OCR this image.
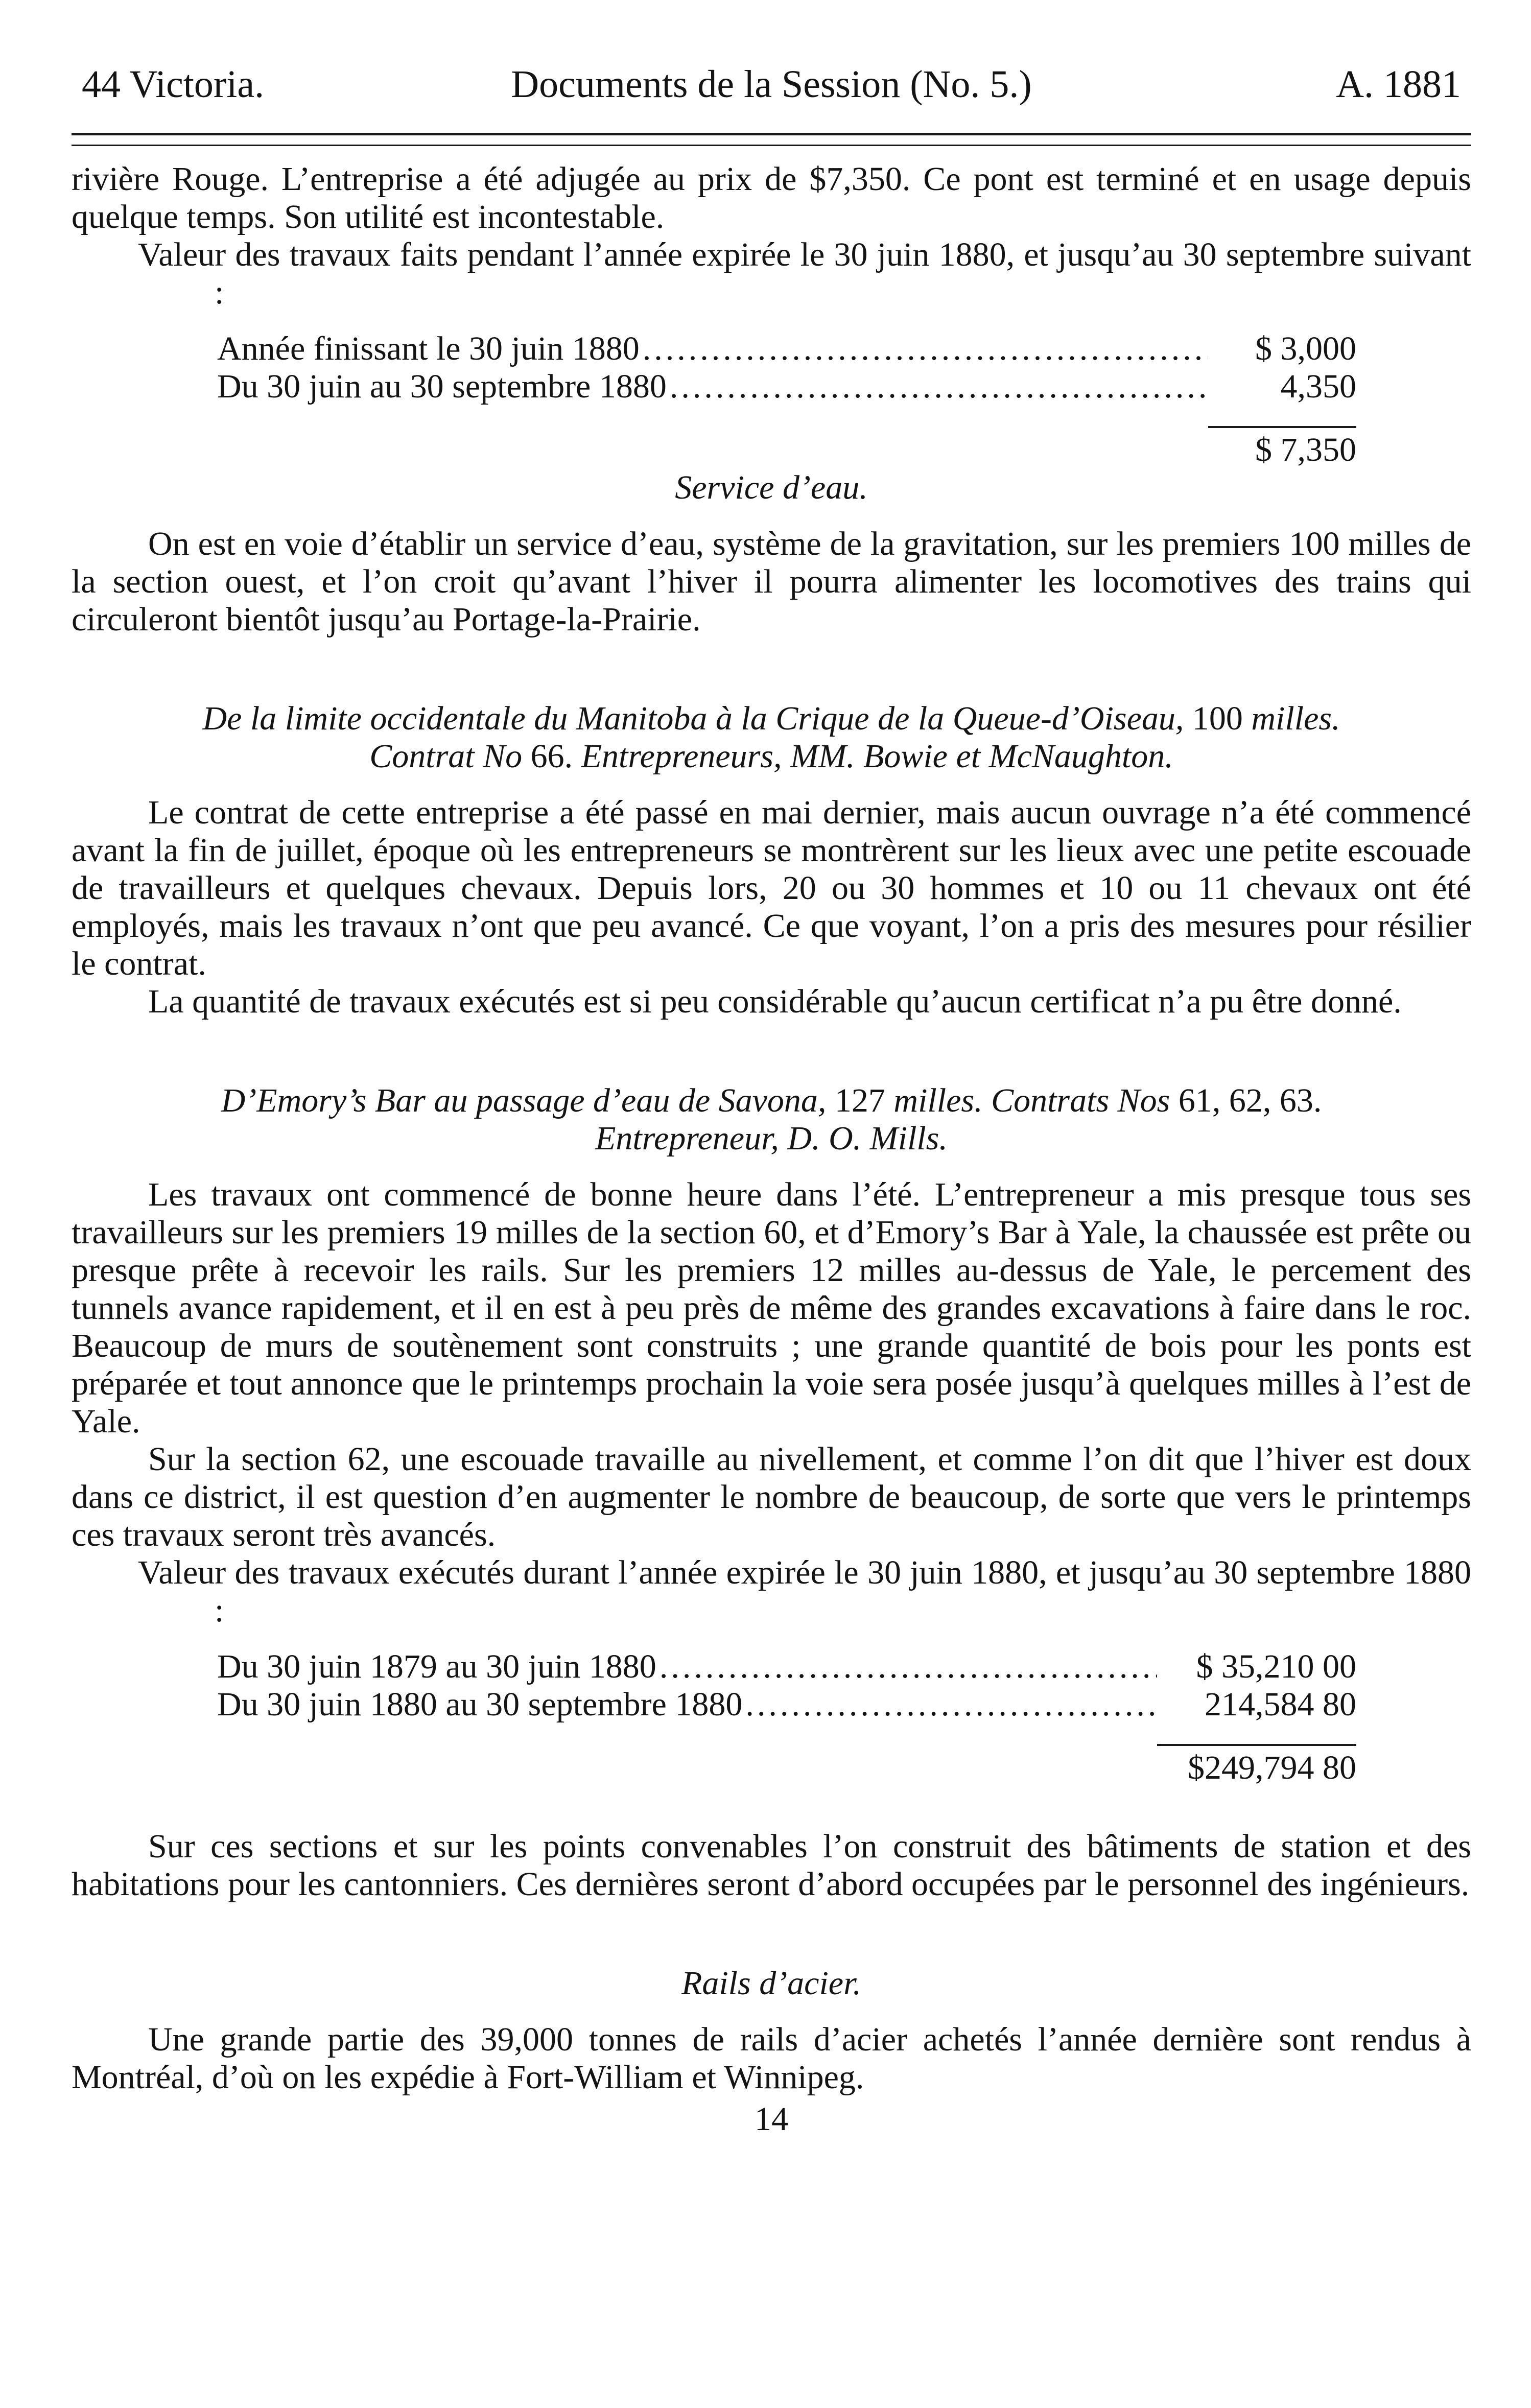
44 Victoria.	Documents de la Session (No. 5.)	A. 1881

rivière Rouge. L’entreprise a été adjugée au prix de $7,350. Ce pont est terminé et en usage depuis quelque temps. Son utilité est incontestable.

Valeur des travaux faits pendant l’année expirée le 30 juin 1880, et jusqu’au 30 septembre suivant :

Année finissant le 30 juin 1880 .....	$ 3,000
Du 30 juin au 30 septembre 1880 .....	4,350
$ 7,350
Service d’eau.

On est en voie d’établir un service d’eau, système de la gravitation, sur les premiers 100 milles de la section ouest, et l’on croit qu’avant l’hiver il pourra alimenter les locomotives des trains qui circuleront bientôt jusqu’au Portage-la-Prairie.

De la limite occidentale du Manitoba à la Crique de la Queue-d’Oiseau, 100 milles.
Contrat No 66. Entrepreneurs, MM. Bowie et McNaughton.

Le contrat de cette entreprise a été passé en mai dernier, mais aucun ouvrage n’a été commencé avant la fin de juillet, époque où les entrepreneurs se montrèrent sur les lieux avec une petite escouade de travailleurs et quelques chevaux. Depuis lors, 20 ou 30 hommes et 10 ou 11 chevaux ont été employés, mais les travaux n’ont que peu avancé. Ce que voyant, l’on a pris des mesures pour résilier le contrat.

La quantité de travaux exécutés est si peu considérable qu’aucun certificat n’a pu être donné.

D’Emory’s Bar au passage d’eau de Savona, 127 milles. Contrats Nos 61, 62, 63.
Entrepreneur, D. O. Mills.

Les travaux ont commencé de bonne heure dans l’été. L’entrepreneur a mis presque tous ses travailleurs sur les premiers 19 milles de la section 60, et d’Emory’s Bar à Yale, la chaussée est prête ou presque prête à recevoir les rails. Sur les premiers 12 milles au-dessus de Yale, le percement des tunnels avance rapidement, et il en est à peu près de même des grandes excavations à faire dans le roc. Beaucoup de murs de soutènement sont construits ; une grande quantité de bois pour les ponts est préparée et tout annonce que le printemps prochain la voie sera posée jusqu’à quelques milles à l’est de Yale.

Sur la section 62, une escouade travaille au nivellement, et comme l’on dit que l’hiver est doux dans ce district, il est question d’en augmenter le nombre de beaucoup, de sorte que vers le printemps ces travaux seront très avancés.

Valeur des travaux exécutés durant l’année expirée le 30 juin 1880, et jusqu’au 30 septembre 1880 :

Du 30 juin 1879 au 30 juin 1880 .....	$ 35,210 00
Du 30 juin 1880 au 30 septembre 1880 .....	214,584 80
$249,794 80

Sur ces sections et sur les points convenables l’on construit des bâtiments de station et des habitations pour les cantonniers. Ces dernières seront d’abord occupées par le personnel des ingénieurs.

Rails d’acier.

Une grande partie des 39,000 tonnes de rails d’acier achetés l’année dernière sont rendus à Montréal, d’où on les expédie à Fort-William et Winnipeg.

14
